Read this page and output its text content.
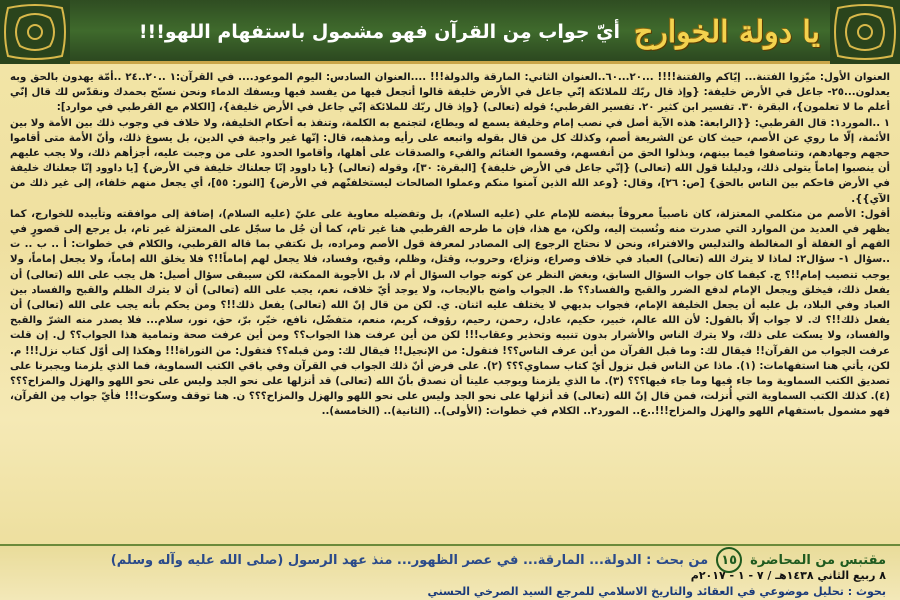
يا دولة الخوارج
أيّ جواب مِن القرآن فهو مشمول باستفهام اللهو!!!

العنوان الأول: ميّزوا الفتنة... إيّاكم والفتنة!!!! ...٢٠...٦٠..العنوان الثاني: المارقة والدولة!!! ....العنوان السادس: اليوم الموعود.... في القرآن:١ ..٢٠..٢٤ ..أمّة يهدون بالحق وبه يعدلون...٢٥- جاعل في الأرض خليفة: {وإذ قال ربّك للملائكة إنّي جاعل في الأرض خليفة قالوا أتجعل فيها من يفسد فيها ويسفك الدماء ونحن نسبّح بحمدك ونقدّس لك قال إنّي أعلم ما لا تعلمون}، البقرة ٣٠. تفسير ابن كثير ٢٠. تفسير القرطبي؛ قوله (تعالى) {وإذ قال ربّك للملائكة إنّي جاعل في الأرض خليفة}، [الكلام مع القرطبي في موارد]:

١ ..المورد١: قال القرطبي: {{الرابعة: هذه الآية أصل في نصب إمام وخليفة يسمع له ويطاع، لتجتمع به الكلمة، وتنفذ به أحكام الخليفة، ولا خلاف في وجوب ذلك بين الأمة ولا بين الأئمة، إلّا ما روي عن الأصم، حيث كان عن الشريعة أصم، وكذلك كل من قال بقوله واتبعه على رأيه ومذهبه، قال: إنّها غير واجبة في الدين، بل يسوغ ذلك، وأنّ الأمة متى أقاموا حجهم وجهادهم، وتناصفوا فيما بينهم، وبذلوا الحق من أنفسهم، وقسموا الغنائم والفيء والصدقات على أهلها، وأقاموا الحدود على من وجبت عليه، أجزأهم ذلك، ولا يجب عليهم أن ينصبوا إماماً يتولى ذلك، ودليلنا قول الله (تعالى) {إنّي جاعل في الأرض خليفة} [البقرة: ٣٠]، وقوله (تعالى) {يا داوود إنّا جعلناك خليفة في الأرض} [يا داوود إنّا جعلناك خليفة في الأرض فاحكم بين الناس بالحق} [ص: ٢٦]، وقال: {وعد الله الذين آمنوا منكم وعملوا الصالحات ليستخلفنّهم في الأرض} [النور: ٥٥]، أي يجعل منهم خلفاء، إلى غير ذلك من الآي}}.

أقول: الأصم من متكلمي المعتزلة، كان ناصبياً معروفاً ببغضه للإمام علي (عليه السلام)، بل وتفضيله معاوية على عليّ (عليه السلام)، إضافة إلى موافقته وتأييده للخوارج، كما يظهر في العديد من الموارد التي صدرت منه ونُسبت إليه، ولكن، مع هذا، فإن ما طرحه القرطبي هنا غير تام، كما أن جُل ما سجّل على المعتزلة غير تام، بل يرجع إلى قصورٍ في الفهم أو الغفلة أو المغالطة والتدليس والافتراء، ونحن لا نحتاج الرجوع إلى المصادر لمعرفة قول الأصم ومراده، بل نكتفي بما قاله القرطبي، والكلام في خطوات: أ .. ب .. ت ..سؤال ١- سؤال٢: لماذا لا يترك الله (تعالى) العباد في خلاف وصراع، ونزاع، وحروب، وقتل، وظلم، وقبح، وفساد، فلا يجعل لهم إماماً!!؟ فلا يخلق الله إماماً، ولا يجعل إماماً، ولا يوجب تنصيب إمام!!؟ ج. كيفما كان جواب السؤال السابق، وبغض النظر عن كونه جواب السؤال أم لا، بل الأجوبة الممكنة، لكن سيبقى سؤال أصيل: هل يجب على الله (تعالى) أن يفعل ذلك، فيخلق ويجعل الإمام لدفع الضرر والقبح والفساد؟؟ ط. الجواب واضح بالإيجاب، ولا يوجد أيّ خلاف، نعم، يجب على الله (تعالى) أن لا يترك الظلم والقبح والفساد بين العباد وفي البلاد، بل عليه أن يجعل الخليفة الإمام، فجواب بديهي لا يختلف عليه اثنان. ي. لكن من قال إنّ الله (تعالى) يفعل ذلك!!؟ ومن يحكم بأنه يجب على الله (تعالى) أن يفعل ذلك!!؟ ك. لا جواب إلّا بالقول: لأن الله عالم، خبير، حكيم، عادل، رحمن، رحيم، رؤوف، كريم، منعم، متفضّل، نافع، خيّر، برّ، حق، نور، سلام... فلا يصدر منه الشرّ والقبح والفساد، ولا يسكت على ذلك، ولا يترك الناس والأشرار بدون تنبيه وتحذير وعقاب!!! لكن من أين عرفت هذا الجواب؟؟ ومن أين عرفت صحة وتمامية هذا الجواب؟؟ ل. إن قلت عرفت الجواب من القرآن!! فيقال لك: وما قبل القرآن من أين عرف الناس؟؟! فتقول: من الإنجيل!! فيقال لك: ومن قبله؟؟ فتقول: من التوراة!!! وهكذا إلى أوّل كتاب نزل!!! م. لكن، يأتي هنا استفهامات: (١). ماذا عن الناس قبل نزول أيّ كتاب سماوي؟؟؟ (٢). على فرض أنّ ذلك الجواب في القرآن وفي باقي الكتب السماوية، فما الذي يلزمنا ويجبرنا على تصديق الكتب السماوية وما جاء فيها وما جاء فيها؟؟؟ (٣). ما الذي يلزمنا ويوجب علينا أن نصدق بأنّ الله (تعالى) قد أنزلها على نحو الجد وليس على نحو اللهو والهزل والمزاح؟؟؟ (٤). كذلك الكتب السماوية التي أُنزلت، فمن قال إنّ الله (تعالى) قد أنزلها على نحو الجد وليس على نحو اللهو والهزل والمزاح؟؟؟ ن. هنا توقف وسكوت!!! فأيّ جواب مِن القرآن، فهو مشمول باستفهام اللهو والهزل والمزاح!!!..ع.. المورد٢.. الكلام في خطوات: (الأولى).. (الثانية).. (الخامسة)..

مقتبس من المحاضرة
١٥
من بحث : الدولة... المارقة... في عصر الظهور... منذ عهد الرسول (صلى الله عليه وآله وسلم)
٨ ربيع الثاني ١٤٣٨هـ / ٧ - ١ - ٢٠١٧م
بحوث : تحليل موضوعي في العقائد والتاريخ الاسلامي للمرجع السيد الصرخي الحسني
